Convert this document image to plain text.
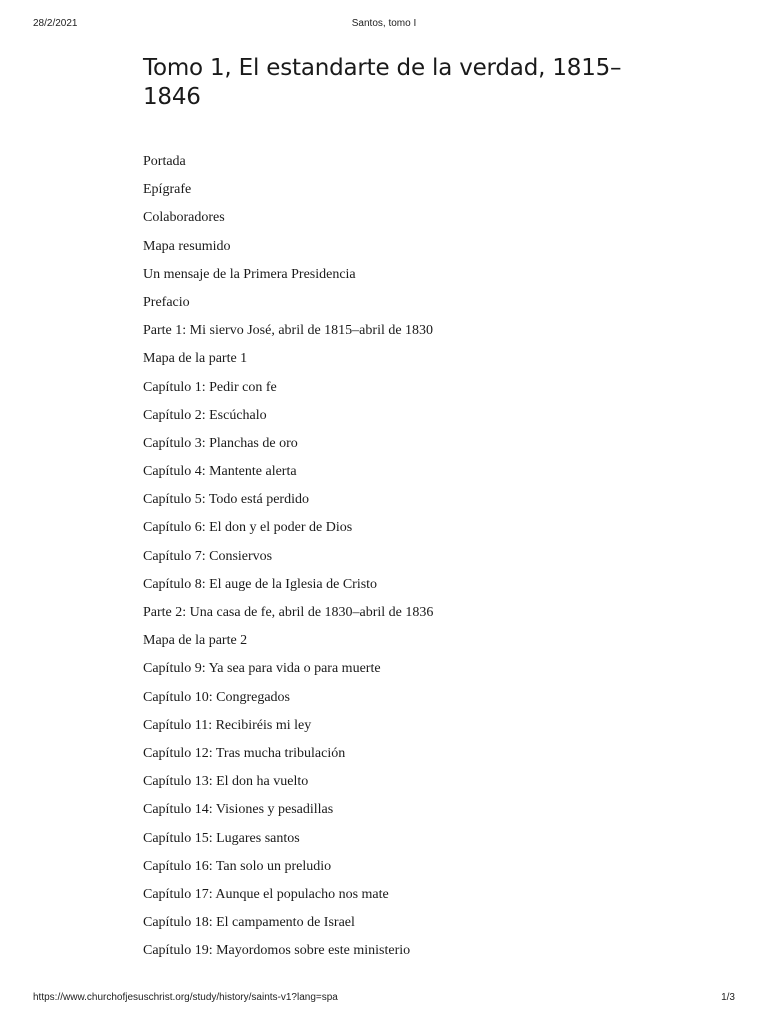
28/2/2021	Santos, tomo I
Tomo 1, El estandarte de la verdad, 1815–1846
Portada
Epígrafe
Colaboradores
Mapa resumido
Un mensaje de la Primera Presidencia
Prefacio
Parte 1: Mi siervo José, abril de 1815–abril de 1830
Mapa de la parte 1
Capítulo 1: Pedir con fe
Capítulo 2: Escúchalo
Capítulo 3: Planchas de oro
Capítulo 4: Mantente alerta
Capítulo 5: Todo está perdido
Capítulo 6: El don y el poder de Dios
Capítulo 7: Consiervos
Capítulo 8: El auge de la Iglesia de Cristo
Parte 2: Una casa de fe, abril de 1830–abril de 1836
Mapa de la parte 2
Capítulo 9: Ya sea para vida o para muerte
Capítulo 10: Congregados
Capítulo 11: Recibiréis mi ley
Capítulo 12: Tras mucha tribulación
Capítulo 13: El don ha vuelto
Capítulo 14: Visiones y pesadillas
Capítulo 15: Lugares santos
Capítulo 16: Tan solo un preludio
Capítulo 17: Aunque el populacho nos mate
Capítulo 18: El campamento de Israel
Capítulo 19: Mayordomos sobre este ministerio
https://www.churchofjesuschrist.org/study/history/saints-v1?lang=spa	1/3
